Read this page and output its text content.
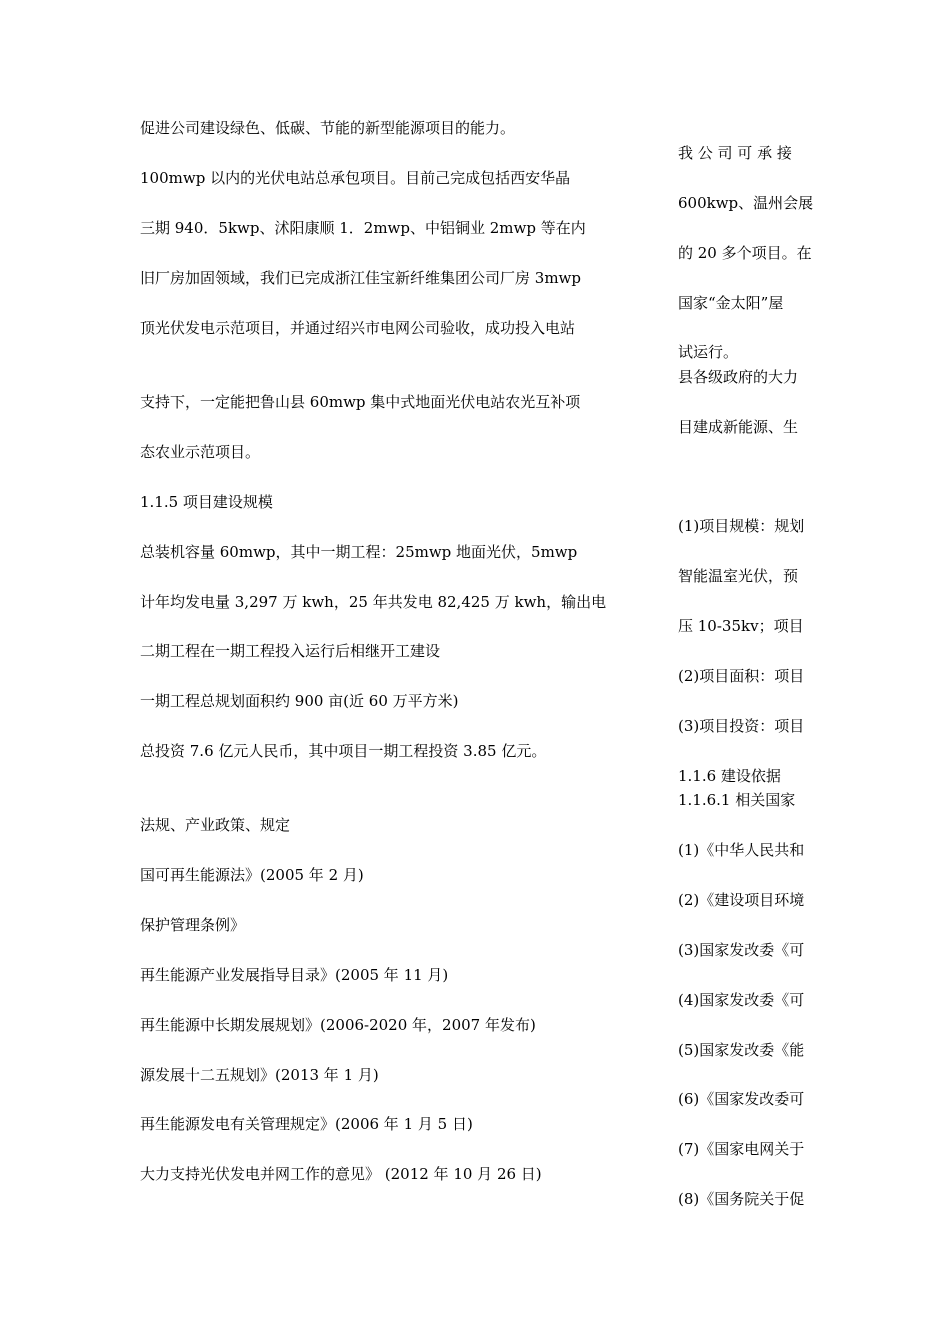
促进公司建设绿色、低碳、节能的新型能源项目的能力。
100mwp 以内的光伏电站总承包项目。目前己完成包括西安华晶
三期 940．5kwp、沭阳康顺 1．2mwp、中铝铜业 2mwp 等在内
旧厂房加固领域，我们已完成浙江佳宝新纤维集团公司厂房 3mwp
顶光伏发电示范项目，并通过绍兴市电网公司验收，成功投入电站
支持下，一定能把鲁山县 60mwp 集中式地面光伏电站农光互补项
态农业示范项目。
1.1.5 项目建设规模
总装机容量 60mwp，其中一期工程：25mwp 地面光伏，5mwp
计年均发电量 3,297 万 kwh，25 年共发电 82,425 万 kwh，输出电
二期工程在一期工程投入运行后相继开工建设
一期工程总规划面积约 900 亩(近 60 万平方米)
总投资 7.6 亿元人民币，其中项目一期工程投资 3.85 亿元。
法规、产业政策、规定
国可再生能源法》(2005 年 2 月)
保护管理条例》
再生能源产业发展指导目录》(2005 年 11 月)
再生能源中长期发展规划》(2006-2020 年，2007 年发布)
源发展十二五规划》(2013 年 1 月)
再生能源发电有关管理规定》(2006 年 1 月 5 日)
大力支持光伏发电并网工作的意见》 (2012 年 10 月 26 日)
我 公 司 可 承 接
600kwp、温州会展
的 20 多个项目。在
国家“金太阳”屋
试运行。
县各级政府的大力
目建成新能源、生
(1)项目规模：规划
智能温室光伏，预
压 10-35kv；项目
(2)项目面积：项目
(3)项目投资：项目
1.1.6 建设依据
1.1.6.1 相关国家
(1)《中华人民共和
(2)《建设项目环境
(3)国家发改委《可
(4)国家发改委《可
(5)国家发改委《能
(6)《国家发改委可
(7)《国家电网关于
(8)《国务院关于促
